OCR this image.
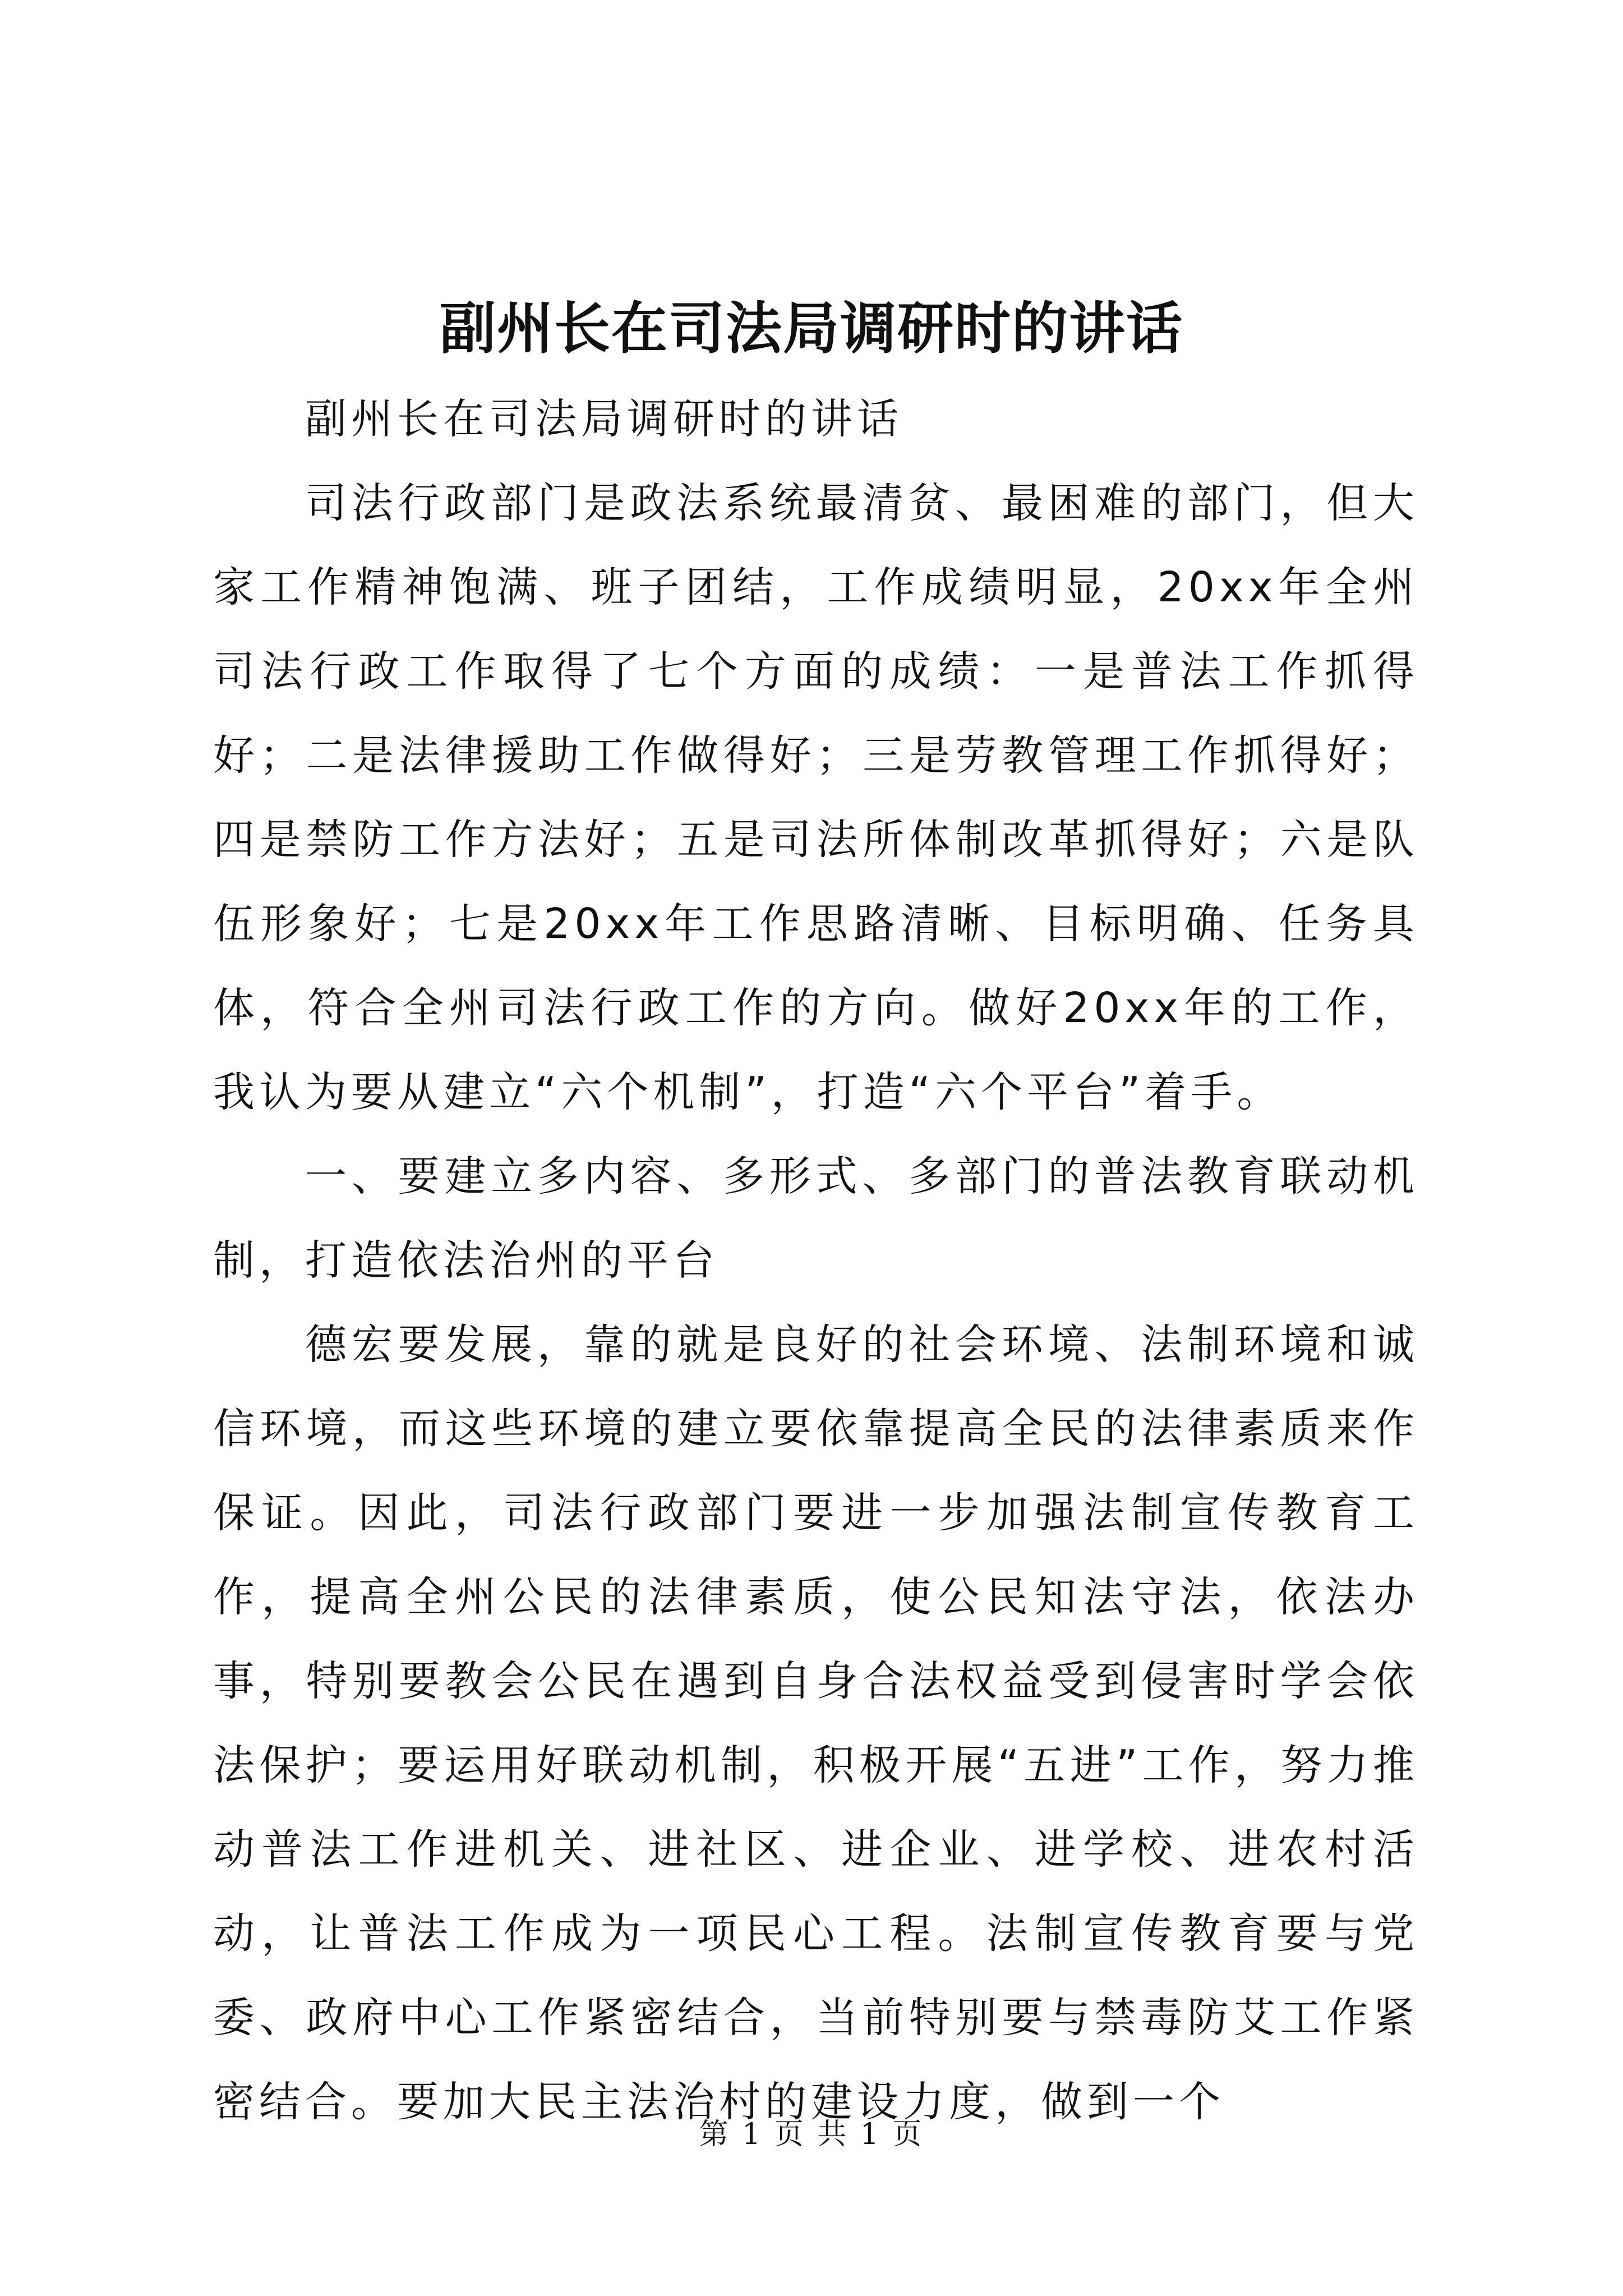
副州长在司法局调研时的讲话

副州长在司法局调研时的讲话

司法行政部门是政法系统最清贫、最困难的部门，但大家工作精神饱满、班子团结，工作成绩明显，20xx年全州司法行政工作取得了七个方面的成绩：一是普法工作抓得好；二是法律援助工作做得好；三是劳教管理工作抓得好；四是禁防工作方法好；五是司法所体制改革抓得好；六是队伍形象好；七是20xx年工作思路清晰、目标明确、任务具体，符合全州司法行政工作的方向。做好20xx年的工作，我认为要从建立“六个机制”，打造“六个平台”着手。

一、要建立多内容、多形式、多部门的普法教育联动机制，打造依法治州的平台

德宏要发展，靠的就是良好的社会环境、法制环境和诚信环境，而这些环境的建立要依靠提高全民的法律素质来作保证。因此，司法行政部门要进一步加强法制宣传教育工作，提高全州公民的法律素质，使公民知法守法，依法办事，特别要教会公民在遇到自身合法权益受到侵害时学会依法保护；要运用好联动机制，积极开展“五进”工作，努力推动普法工作进机关、进社区、进企业、进学校、进农村活动，让普法工作成为一项民心工程。法制宣传教育要与党委、政府中心工作紧密结合，当前特别要与禁毒防艾工作紧密结合。要加大民主法治村的建设力度，做到一个

第 1 页 共 1 页
